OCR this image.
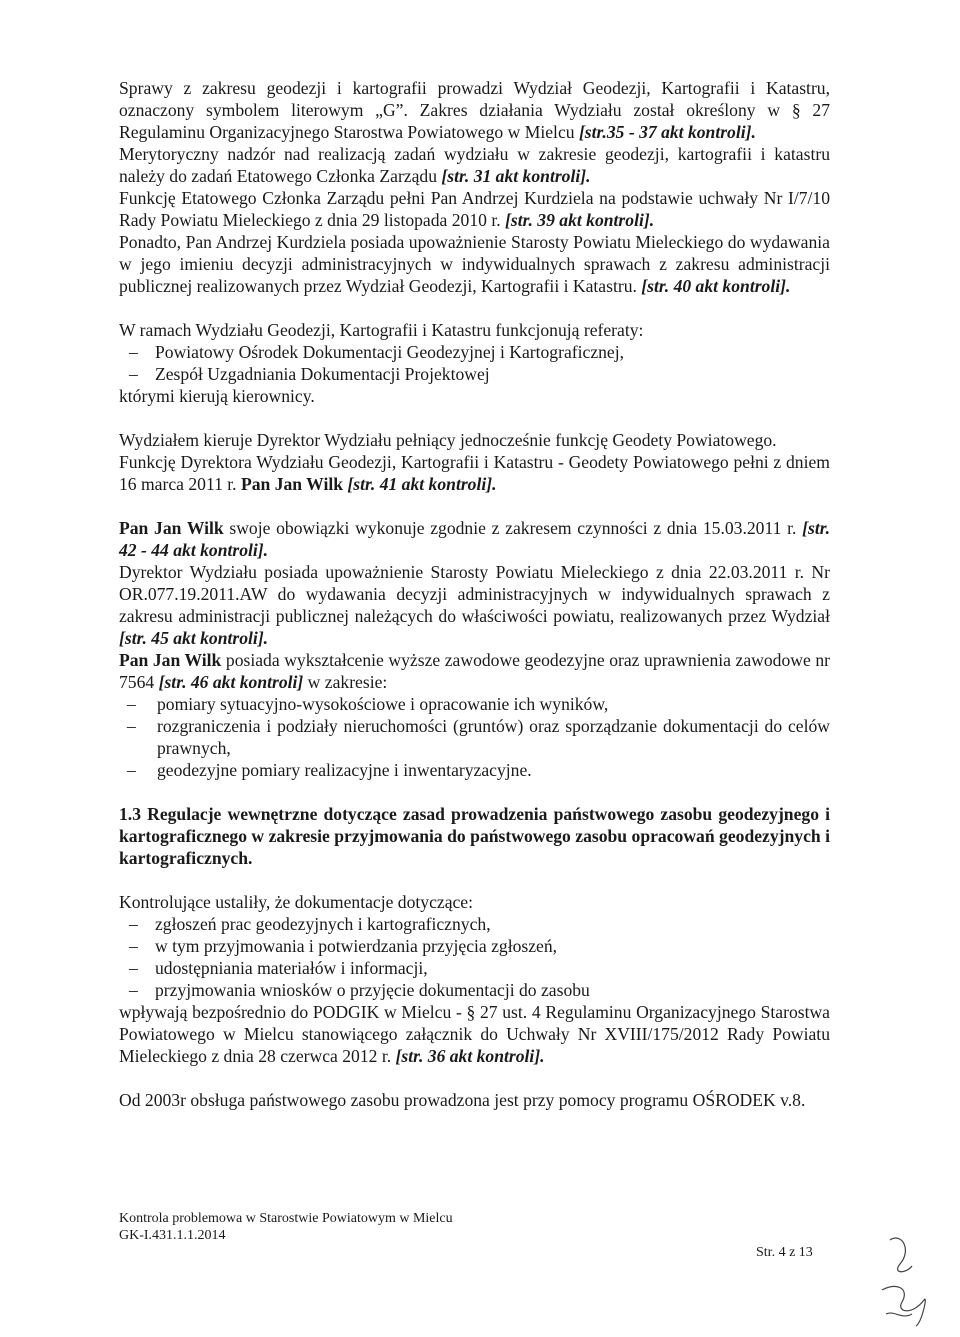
Sprawy z zakresu geodezji i kartografii prowadzi Wydział Geodezji, Kartografii i Katastru, oznaczony symbolem literowym „G”. Zakres działania Wydziału został określony w § 27 Regulaminu Organizacyjnego Starostwa Powiatowego w Mielcu [str.35 - 37 akt kontroli].

Merytoryczny nadzór nad realizacją zadań wydziału w zakresie geodezji, kartografii i katastru należy do zadań Etatowego Członka Zarządu [str. 31 akt kontroli].

Funkcję Etatowego Członka Zarządu pełni Pan Andrzej Kurdziela na podstawie uchwały Nr I/7/10 Rady Powiatu Mieleckiego z dnia 29 listopada 2010 r. [str. 39 akt kontroli].

Ponadto, Pan Andrzej Kurdziela posiada upoważnienie Starosty Powiatu Mieleckiego do wydawania w jego imieniu decyzji administracyjnych w indywidualnych sprawach z zakresu administracji publicznej realizowanych przez Wydział Geodezji, Kartografii i Katastru. [str. 40 akt kontroli].

W ramach Wydziału Geodezji, Kartografii i Katastru funkcjonują referaty:

– Powiatowy Ośrodek Dokumentacji Geodezyjnej i Kartograficznej,
– Zespół Uzgadniania Dokumentacji Projektowej

którymi kierują kierownicy.

Wydziałem kieruje Dyrektor Wydziału pełniący jednocześnie funkcję Geodety Powiatowego.

Funkcję Dyrektora Wydziału Geodezji, Kartografii i Katastru - Geodety Powiatowego pełni z dniem 16 marca 2011 r. Pan Jan Wilk [str. 41 akt kontroli].

Pan Jan Wilk swoje obowiązki wykonuje zgodnie z zakresem czynności z dnia 15.03.2011 r. [str. 42 - 44 akt kontroli].

Dyrektor Wydziału posiada upoważnienie Starosty Powiatu Mieleckiego z dnia 22.03.2011 r. Nr OR.077.19.2011.AW do wydawania decyzji administracyjnych w indywidualnych sprawach z zakresu administracji publicznej należących do właściwości powiatu, realizowanych przez Wydział [str. 45 akt kontroli].

Pan Jan Wilk posiada wykształcenie wyższe zawodowe geodezyjne oraz uprawnienia zawodowe nr 7564 [str. 46 akt kontroli] w zakresie:

– pomiary sytuacyjno-wysokościowe i opracowanie ich wyników,
– rozgraniczenia i podziały nieruchomości (gruntów) oraz sporządzanie dokumentacji do celów prawnych,
– geodezyjne pomiary realizacyjne i inwentaryzacyjne.

1.3 Regulacje wewnętrzne dotyczące zasad prowadzenia państwowego zasobu geodezyjnego i kartograficznego w zakresie przyjmowania do państwowego zasobu opracowań geodezyjnych i kartograficznych.

Kontrolujące ustaliły, że dokumentacje dotyczące:

– zgłoszeń prac geodezyjnych i kartograficznych,
– w tym przyjmowania i potwierdzania przyjęcia zgłoszeń,
– udostępniania materiałów i informacji,
– przyjmowania wniosków o przyjęcie dokumentacji do zasobu

wpływają bezpośrednio do PODGIK w Mielcu - § 27 ust. 4 Regulaminu Organizacyjnego Starostwa Powiatowego w Mielcu stanowiącego załącznik do Uchwały Nr XVIII/175/2012 Rady Powiatu Mieleckiego z dnia 28 czerwca 2012 r. [str. 36 akt kontroli].

Od 2003r obsługa państwowego zasobu prowadzona jest przy pomocy programu OŚRODEK v.8.

Kontrola problemowa w Starostwie Powiatowym w Mielcu
GK-I.431.1.1.2014
Str. 4 z 13
